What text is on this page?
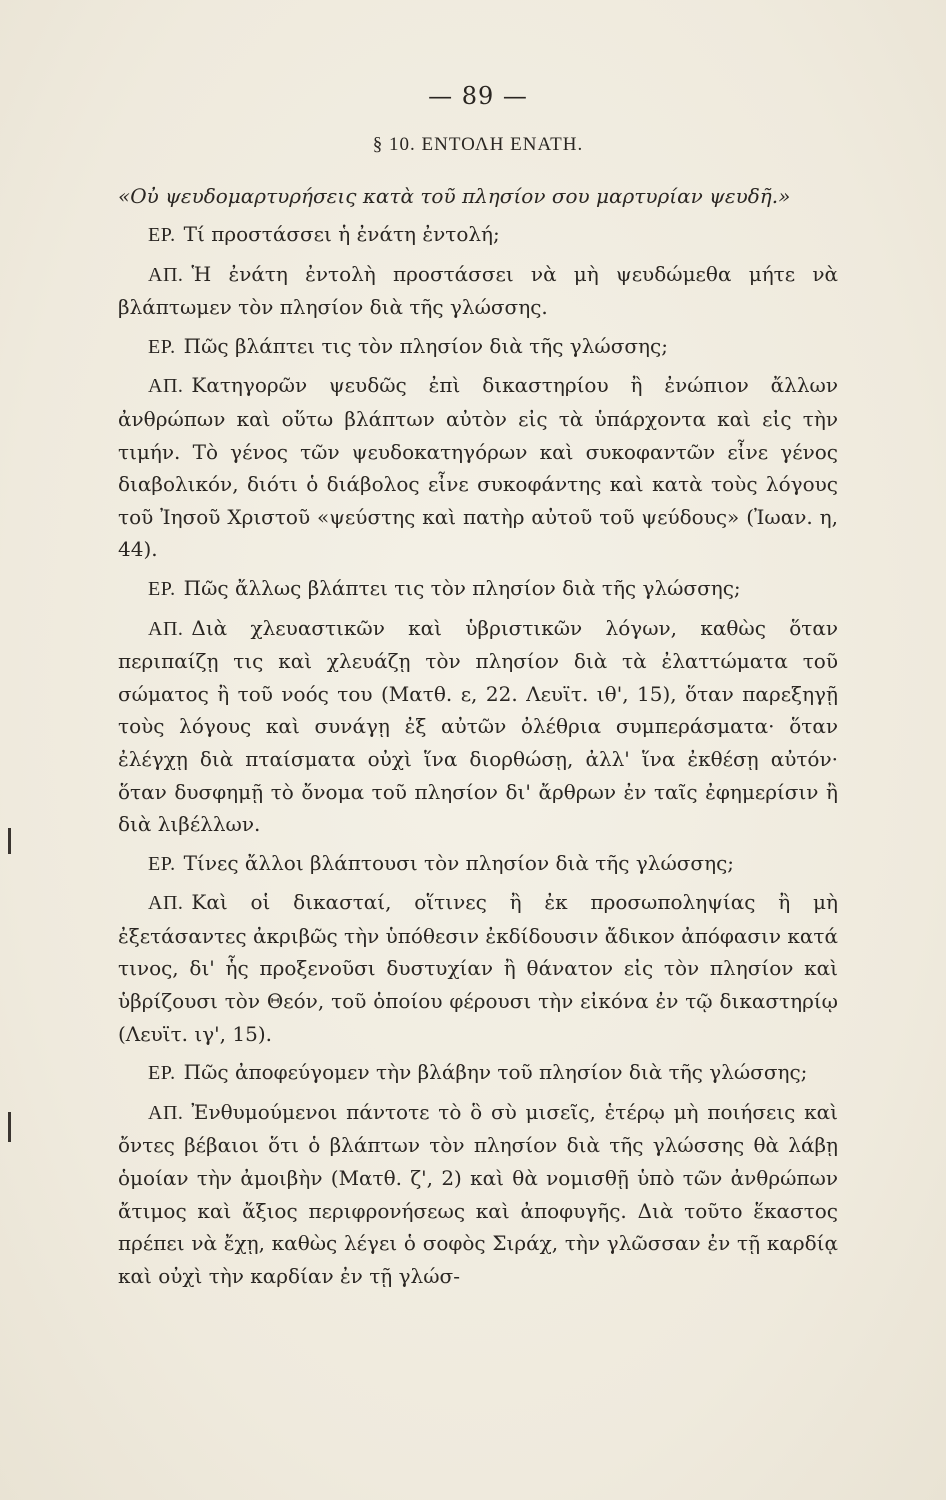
— 89 —
§ 10. ΕΝΤΟΛΗ ΕΝΑΤΗ.
«Οὐ ψευδομαρτυρήσεις κατὰ τοῦ πλησίον σου μαρτυρίαν ψευδῆ.»

ΕΡ. Τί προστάσσει ἡ ἐνάτη ἐντολή;

ΑΠ. Ἡ ἐνάτη ἐντολὴ προστάσσει νὰ μὴ ψευδώμεθα μήτε νὰ βλάπτωμεν τὸν πλησίον διὰ τῆς γλώσσης.

ΕΡ. Πῶς βλάπτει τις τὸν πλησίον διὰ τῆς γλώσσης;

ΑΠ. Κατηγορῶν ψευδῶς ἐπὶ δικαστηρίου ἢ ἐνώπιον ἄλλων ἀνθρώπων καὶ οὕτω βλάπτων αὐτὸν εἰς τὰ ὑπάρχοντα καὶ εἰς τὴν τιμήν. Τὸ γένος τῶν ψευδοκατηγόρων καὶ συκοφαντῶν εἶνε γένος διαβολικόν, διότι ὁ διάβολος εἶνε συκοφάντης καὶ κατὰ τοὺς λόγους τοῦ Ἰησοῦ Χριστοῦ «ψεύστης καὶ πατὴρ αὐτοῦ τοῦ ψεύδους» (Ἰωαν. η, 44).

ΕΡ. Πῶς ἄλλως βλάπτει τις τὸν πλησίον διὰ τῆς γλώσσης;

ΑΠ. Διὰ χλευαστικῶν καὶ ὑβριστικῶν λόγων, καθὼς ὅταν περιπαίζῃ τις καὶ χλευάζῃ τὸν πλησίον διὰ τὰ ἐλαττώματα τοῦ σώματος ἢ τοῦ νοός του (Ματθ. ε, 22. Λευϊτ. ιθ', 15), ὅταν παρεξηγῇ τοὺς λόγους καὶ συνάγῃ ἐξ αὐτῶν ὀλέθρια συμπεράσματα· ὅταν ἐλέγχῃ διὰ πταίσματα οὐχὶ ἵνα διορθώσῃ, ἀλλ' ἵνα ἐκθέσῃ αὐτόν· ὅταν δυσφημῇ τὸ ὄνομα τοῦ πλησίον δι' ἄρθρων ἐν ταῖς ἐφημερίσιν ἢ διὰ λιβέλλων.

ΕΡ. Τίνες ἄλλοι βλάπτουσι τὸν πλησίον διὰ τῆς γλώσσης;

ΑΠ. Καὶ οἱ δικασταί, οἵτινες ἢ ἐκ προσωποληψίας ἢ μὴ ἐξετάσαντες ἀκριβῶς τὴν ὑπόθεσιν ἐκδίδουσιν ἄδικον ἀπόφασιν κατά τινος, δι' ἧς προξενοῦσι δυστυχίαν ἢ θάνατον εἰς τὸν πλησίον καὶ ὑβρίζουσι τὸν Θεόν, τοῦ ὁποίου φέρουσι τὴν εἰκόνα ἐν τῷ δικαστηρίῳ (Λευϊτ. ιγ', 15).

ΕΡ. Πῶς ἀποφεύγομεν τὴν βλάβην τοῦ πλησίον διὰ τῆς γλώσσης;

ΑΠ. Ἐνθυμούμενοι πάντοτε τὸ ὃ σὺ μισεῖς, ἑτέρῳ μὴ ποιήσεις καὶ ὄντες βέβαιοι ὅτι ὁ βλάπτων τὸν πλησίον διὰ τῆς γλώσσης θὰ λάβῃ ὁμοίαν τὴν ἀμοιβὴν (Ματθ. ζ', 2) καὶ θὰ νομισθῇ ὑπὸ τῶν ἀνθρώπων ἄτιμος καὶ ἄξιος περιφρονήσεως καὶ ἀποφυγῆς. Διὰ τοῦτο ἕκαστος πρέπει νὰ ἔχῃ, καθὼς λέγει ὁ σοφὸς Σιράχ, τὴν γλῶσσαν ἐν τῇ καρδίᾳ καὶ οὐχὶ τὴν καρδίαν ἐν τῇ γλώσ-
